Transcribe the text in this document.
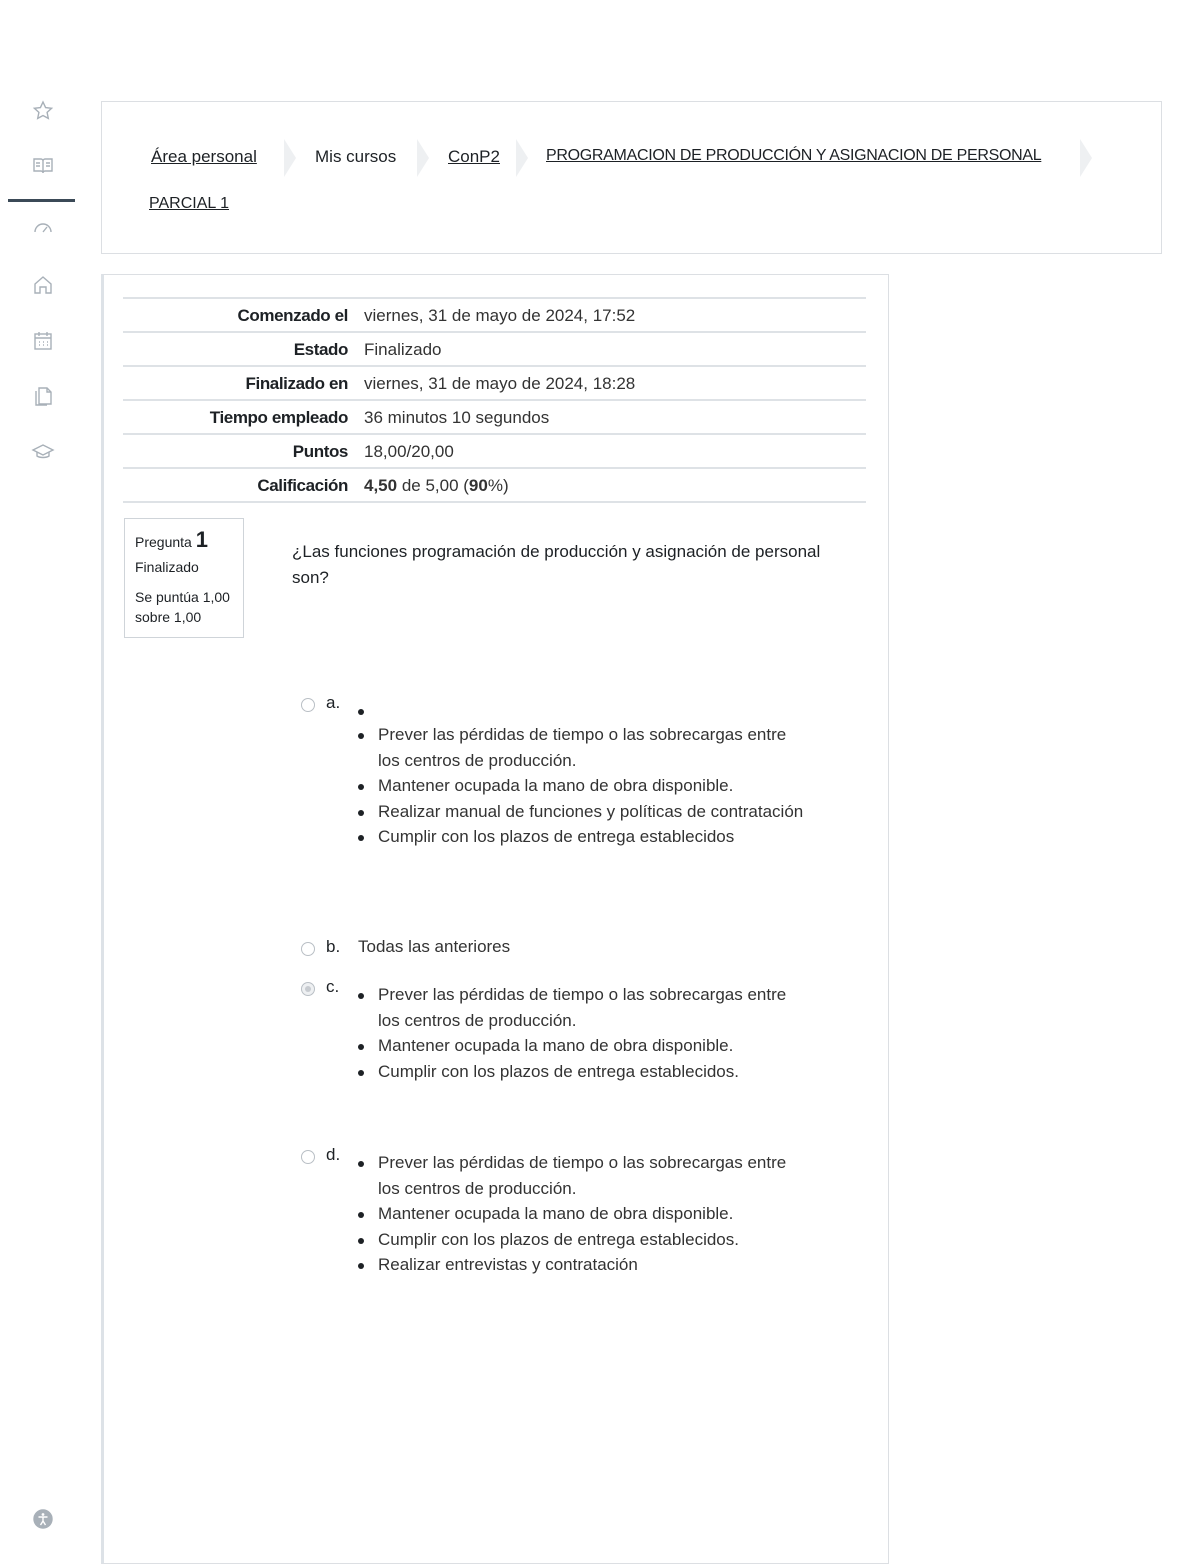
Área personal	Mis cursos	ConP2	PROGRAMACION DE PRODUCCIÓN Y ASIGNACION DE PERSONAL
PARCIAL 1
Comenzado el	viernes, 31 de mayo de 2024, 17:52
Estado	Finalizado
Finalizado en	viernes, 31 de mayo de 2024, 18:28
Tiempo empleado	36 minutos 10 segundos
Puntos	18,00/20,00
Calificación	4,50 de 5,00 (90%)
Pregunta 1
Finalizado
Se puntúa 1,00 sobre 1,00
¿Las funciones programación de producción y asignación de personal son?
a.
Prever las pérdidas de tiempo o las sobrecargas entre los centros de producción.
Mantener ocupada la mano de obra disponible.
Realizar manual de funciones y políticas de contratación
Cumplir con los plazos de entrega establecidos
b. Todas las anteriores
c.	Prever las pérdidas de tiempo o las sobrecargas entre los centros de producción.
Mantener ocupada la mano de obra disponible.
Cumplir con los plazos de entrega establecidos.
d.	Prever las pérdidas de tiempo o las sobrecargas entre los centros de producción.
Mantener ocupada la mano de obra disponible.
Cumplir con los plazos de entrega establecidos.
Realizar entrevistas y contratación
